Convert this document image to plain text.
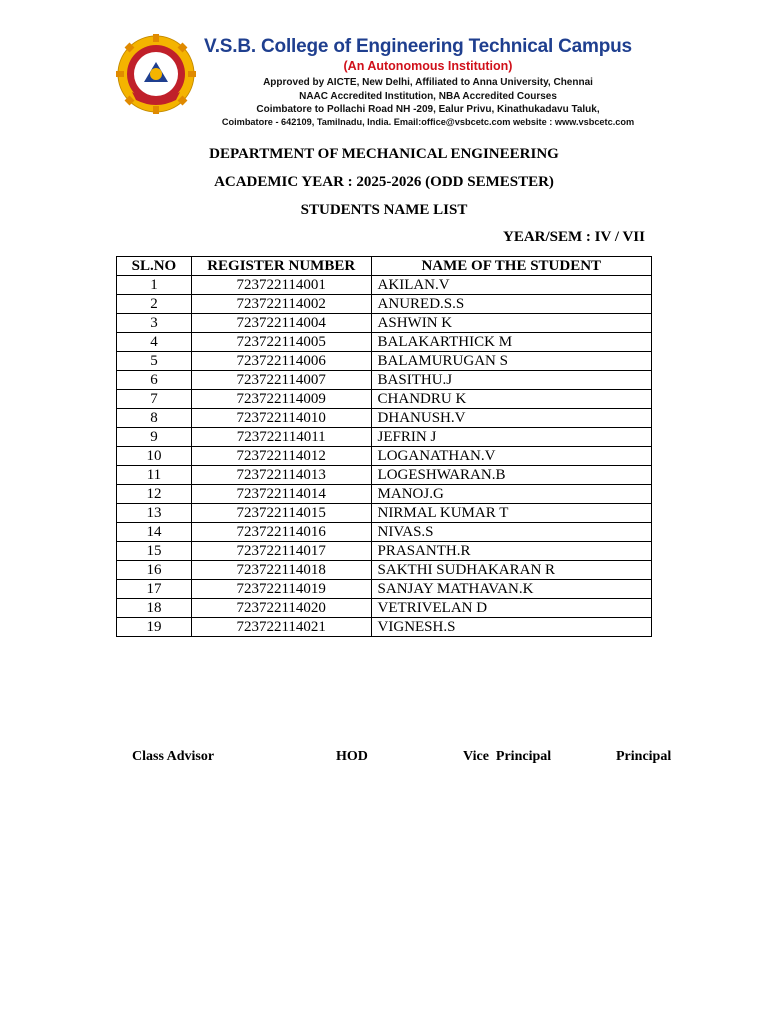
V.S.B. College of Engineering Technical Campus
(An Autonomous Institution)
Approved by AICTE, New Delhi, Affiliated to Anna University, Chennai
NAAC Accredited Institution, NBA Accredited Courses
Coimbatore to Pollachi Road NH -209, Ealur Privu, Kinathukadavu Taluk,
Coimbatore - 642109, Tamilnadu, India. Email:office@vsbcetc.com website : www.vsbcetc.com
DEPARTMENT OF MECHANICAL ENGINEERING
ACADEMIC YEAR : 2025-2026 (ODD SEMESTER)
STUDENTS NAME LIST
YEAR/SEM : IV / VII
SL.NO	REGISTER NUMBER	NAME OF THE STUDENT
1	723722114001	AKILAN.V
2	723722114002	ANURED.S.S
3	723722114004	ASHWIN K
4	723722114005	BALAKARTHICK M
5	723722114006	BALAMURUGAN S
6	723722114007	BASITHU.J
7	723722114009	CHANDRU K
8	723722114010	DHANUSH.V
9	723722114011	JEFRIN J
10	723722114012	LOGANATHAN.V
11	723722114013	LOGESHWARAN.B
12	723722114014	MANOJ.G
13	723722114015	NIRMAL KUMAR T
14	723722114016	NIVAS.S
15	723722114017	PRASANTH.R
16	723722114018	SAKTHI SUDHAKARAN R
17	723722114019	SANJAY MATHAVAN.K
18	723722114020	VETRIVELAN D
19	723722114021	VIGNESH.S
Class Advisor	HOD	Vice  Principal	Principal
